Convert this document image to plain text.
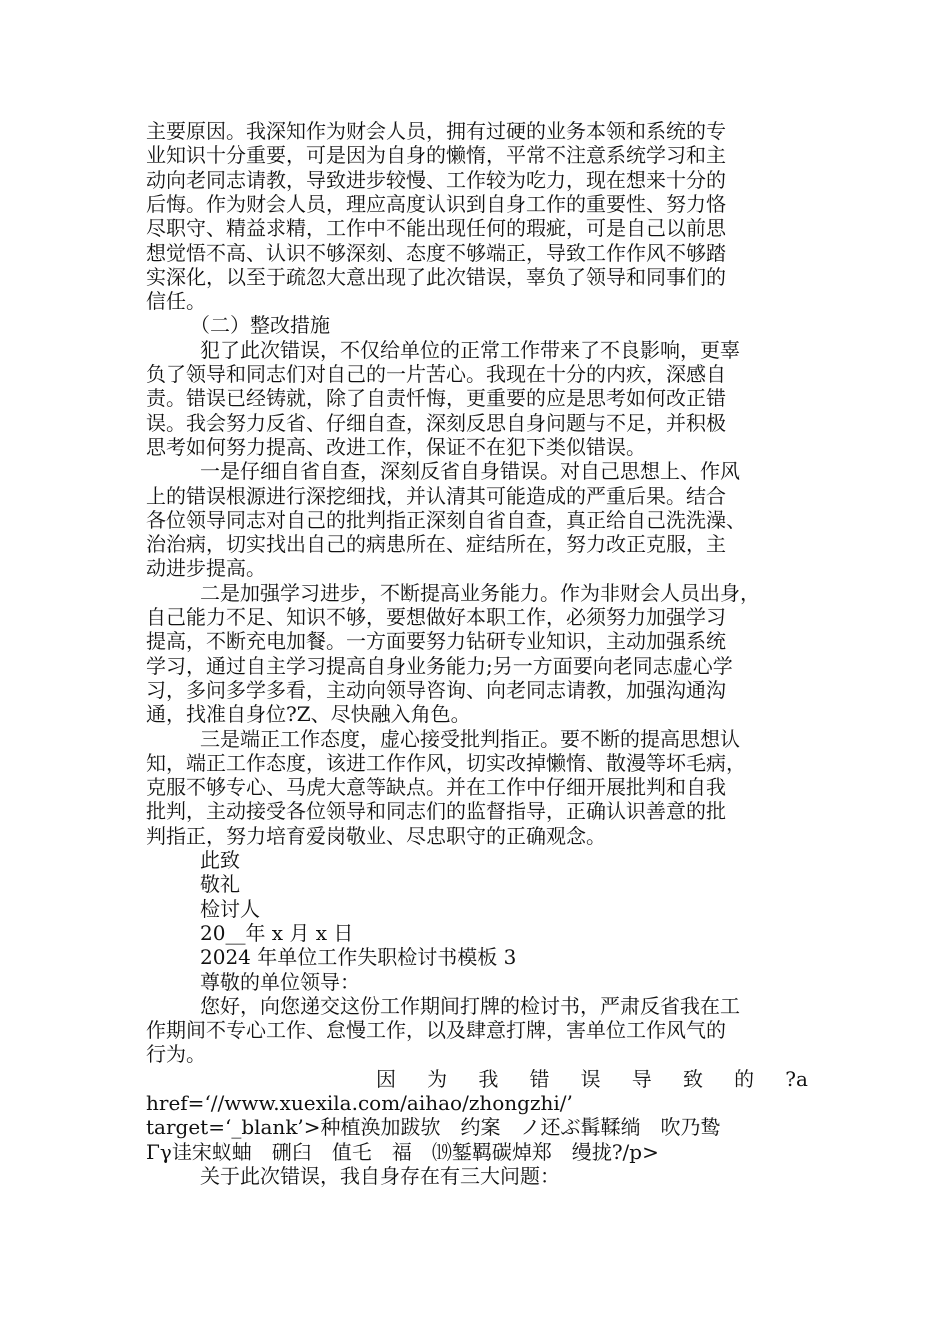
主要原因。我深知作为财会人员，拥有过硬的业务本领和系统的专
业知识十分重要，可是因为自身的懒惰，平常不注意系统学习和主
动向老同志请教，导致进步较慢、工作较为吃力，现在想来十分的
后悔。作为财会人员，理应高度认识到自身工作的重要性、努力恪
尽职守、精益求精，工作中不能出现任何的瑕疵，可是自己以前思
想觉悟不高、认识不够深刻、态度不够端正，导致工作作风不够踏
实深化，以至于疏忽大意出现了此次错误，辜负了领导和同事们的
信任。
（二）整改措施
犯了此次错误，不仅给单位的正常工作带来了不良影响，更辜
负了领导和同志们对自己的一片苦心。我现在十分的内疚，深感自
责。错误已经铸就，除了自责忏悔，更重要的应是思考如何改正错
误。我会努力反省、仔细自查，深刻反思自身问题与不足，并积极
思考如何努力提高、改进工作，保证不在犯下类似错误。
一是仔细自省自查，深刻反省自身错误。对自己思想上、作风
上的错误根源进行深挖细找，并认清其可能造成的严重后果。结合
各位领导同志对自己的批判指正深刻自省自查，真正给自己洗洗澡、
治治病，切实找出自己的病患所在、症结所在，努力改正克服，主
动进步提高。
二是加强学习进步，不断提高业务能力。作为非财会人员出身，
自己能力不足、知识不够，要想做好本职工作，必须努力加强学习
提高，不断充电加餐。一方面要努力钻研专业知识，主动加强系统
学习，通过自主学习提高自身业务能力;另一方面要向老同志虚心学
习，多问多学多看，主动向领导咨询、向老同志请教，加强沟通沟
通，找准自身位?Z、尽快融入角色。
三是端正工作态度，虚心接受批判指正。要不断的提高思想认
知，端正工作态度，该进工作作风，切实改掉懒惰、散漫等坏毛病，
克服不够专心、马虎大意等缺点。并在工作中仔细开展批判和自我
批判，主动接受各位领导和同志们的监督指导，正确认识善意的批
判指正，努力培育爱岗敬业、尽忠职守的正确观念。
此致
敬礼
检讨人
20__年 x 月 x 日
2024 年单位工作失职检讨书模板 3
尊敬的单位领导：
您好，向您递交这份工作期间打牌的检讨书，严肃反省我在工
作期间不专心工作、怠慢工作，以及肆意打牌，害单位工作风气的
行为。
因 为 我 错 误 导 致 的 ?a
href=‘//www.xuexila.com/aihao/zhongzhi/’
target=‘_blank’>种植涣加跋欤　约案　ノ还ぶ髯鞣绱　吹乃鸷
Γγ诖宋蚁蚰　硎臼　值乇　福　⒆錾羁碳焯郑　缦拢?/p>
关于此次错误，我自身存在有三大问题：
